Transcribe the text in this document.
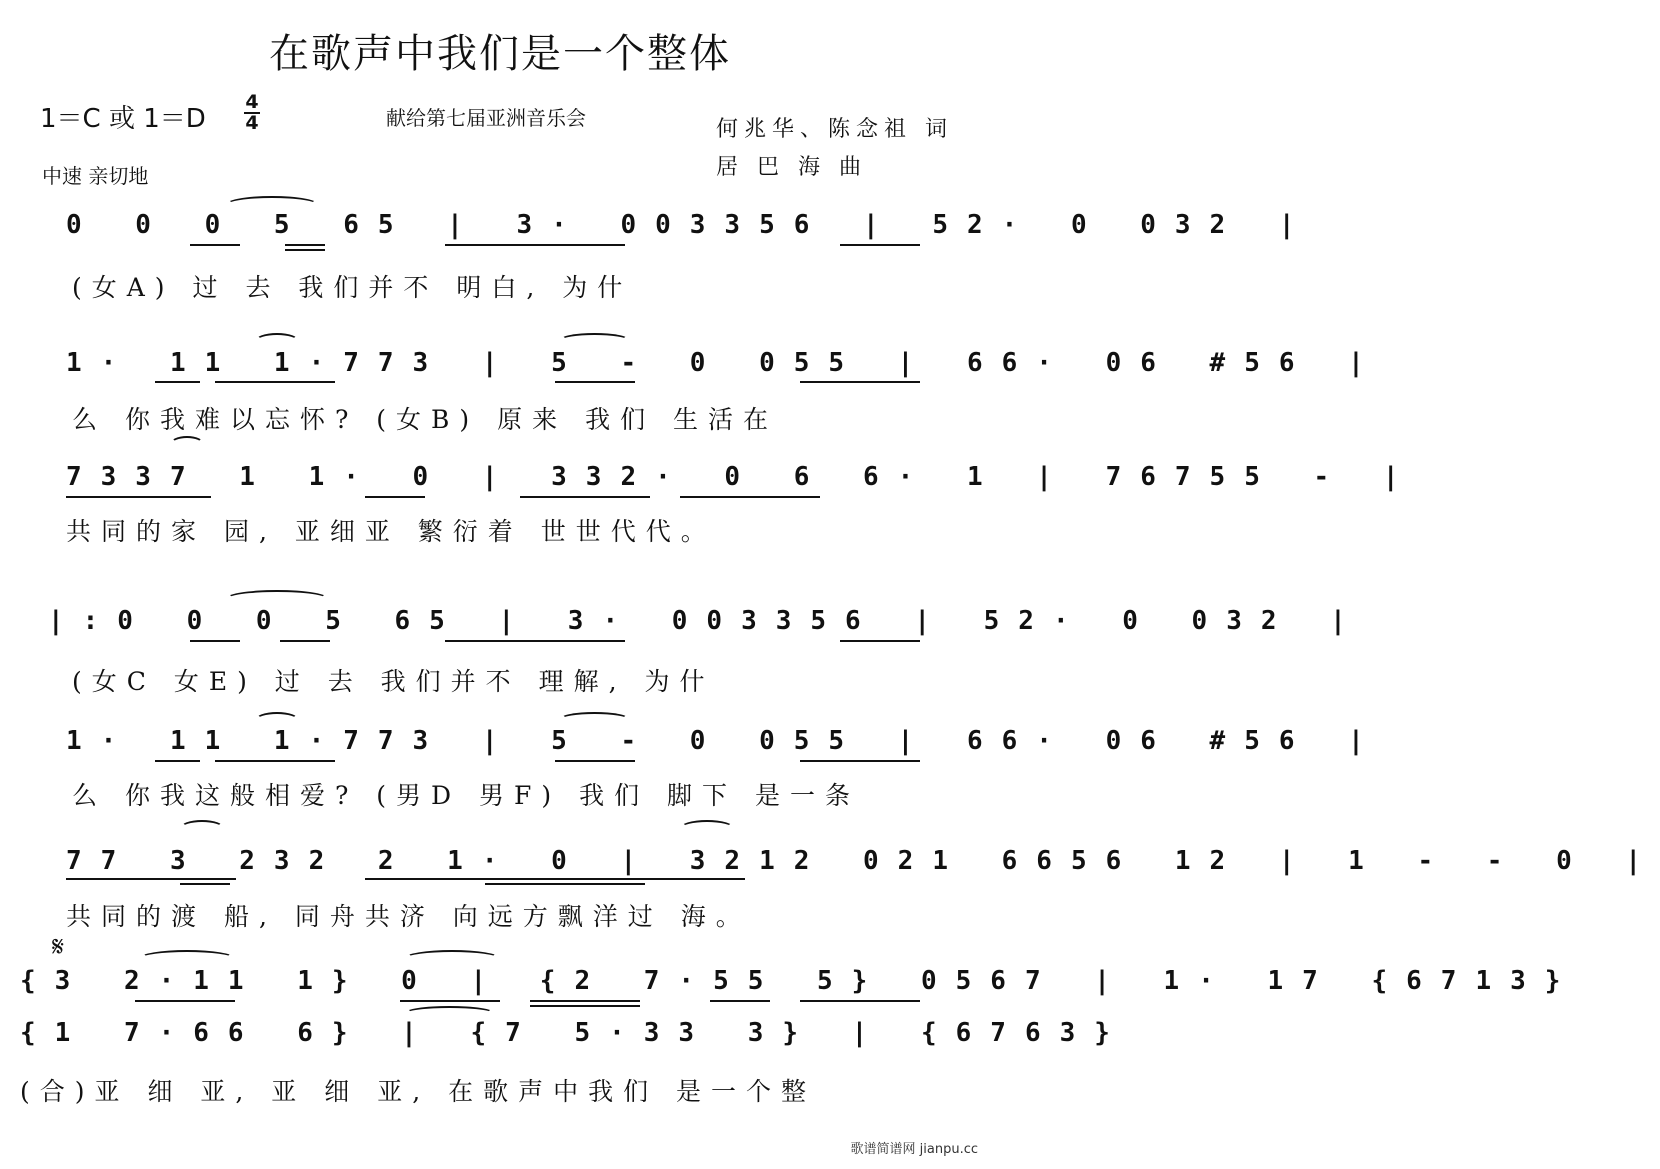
在歌声中我们是一个整体
1＝C 或 1＝D
4
4	献给第七届亚洲音乐会	何兆华、陈念祖 词
居 巴 海 曲
中速 亲切地
0 0 0 5 65 | 3· 003356 | 52· 0 032 |
(女A) 过 去 我们并不 明白, 为什
1· 11 1·773 | 5 - 0 055 | 66· 06 #56 |
么 你我难以忘怀? (女B) 原来 我们 生活在
7337 1 1· 0 | 332· 0 6 6· 1 | 76755 - |
共同的家 园, 亚细亚 繁衍着 世世代代。
|:0 0 0 5 65 | 3· 003356 | 52· 0 032 |
(女C 女E) 过 去 我们并不 理解, 为什
1· 11 1·773 | 5 - 0 055 | 66· 06 #56 |
么 你我这般相爱? (男D 男F) 我们 脚下 是一条
77 3 232 2 1· 0 | 3212 021 6656 12 | 1 - - 0 |
共同的渡 船, 同舟共济 向远方飘洋过 海。
𝄋
{3 2·11 1} 0 | {2 7·55 5} 0567 | 1· 17 {6713}
{1 7·66 6} | {7 5·33 3} | {6763}
(合)亚 细 亚, 亚 细 亚, 在歌声中我们 是一个整
歌谱简谱网 jianpu.cc
